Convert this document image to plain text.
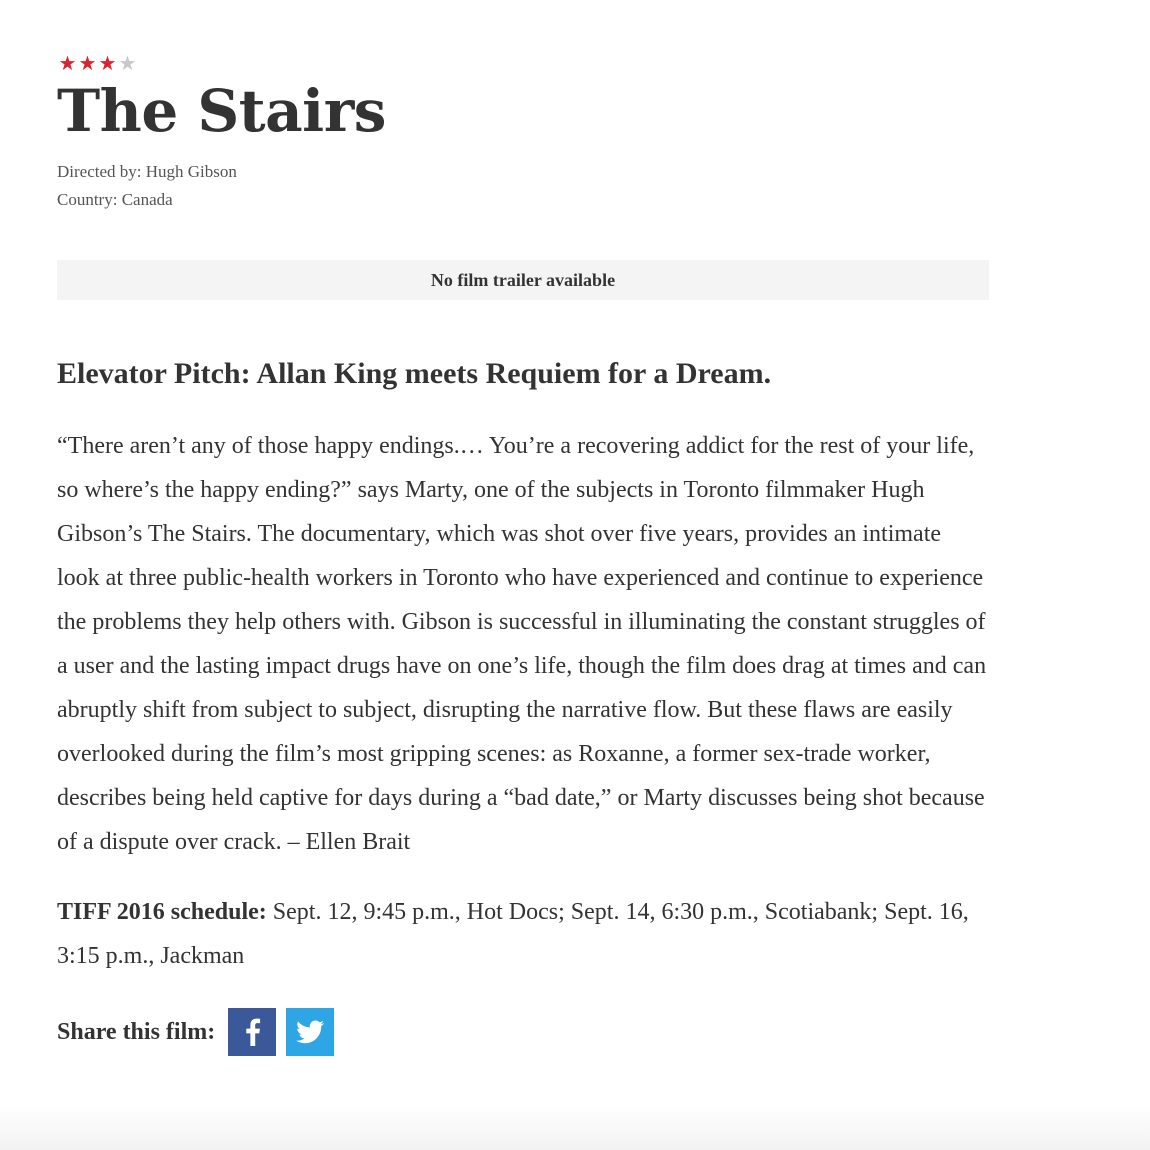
★ ★ ★ ★
The Stairs
Directed by: Hugh Gibson
Country: Canada
No film trailer available
Elevator Pitch: Allan King meets Requiem for a Dream.

“There aren’t any of those happy endings.… You’re a recovering addict for the rest of your life, so where’s the happy ending?” says Marty, one of the subjects in Toronto filmmaker Hugh Gibson’s The Stairs. The documentary, which was shot over five years, provides an intimate look at three public-health workers in Toronto who have experienced and continue to experience the problems they help others with. Gibson is successful in illuminating the constant struggles of a user and the lasting impact drugs have on one’s life, though the film does drag at times and can abruptly shift from subject to subject, disrupting the narrative flow. But these flaws are easily overlooked during the film’s most gripping scenes: as Roxanne, a former sex-trade worker, describes being held captive for days during a “bad date,” or Marty discusses being shot because of a dispute over crack. – Ellen Brait

TIFF 2016 schedule: Sept. 12, 9:45 p.m., Hot Docs; Sept. 14, 6:30 p.m., Scotiabank; Sept. 16, 3:15 p.m., Jackman

Share this film:
